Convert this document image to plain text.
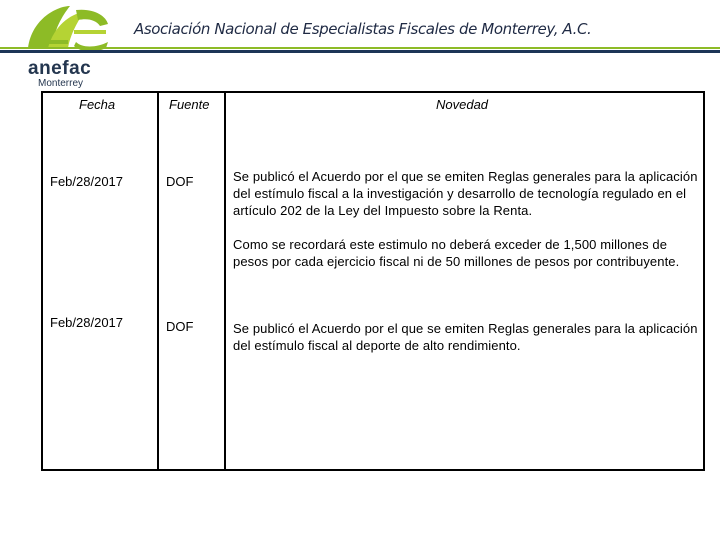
anefac
Monterrey
Asociación Nacional de Especialistas Fiscales de Monterrey, A.C.
Fecha	Fuente	Novedad
Feb/28/2017	DOF	Se publicó el Acuerdo por el que se emiten Reglas generales para la aplicación del estímulo fiscal a la investigación y desarrollo de tecnología regulado en el artículo 202 de la Ley del Impuesto sobre la Renta.

Como se recordará este estimulo no deberá exceder de 1,500 millones de pesos por cada ejercicio fiscal ni de 50 millones de pesos por contribuyente.

Feb/28/2017	DOF	Se publicó el Acuerdo por el que se emiten Reglas generales para la aplicación del estímulo fiscal al deporte de alto rendimiento.
